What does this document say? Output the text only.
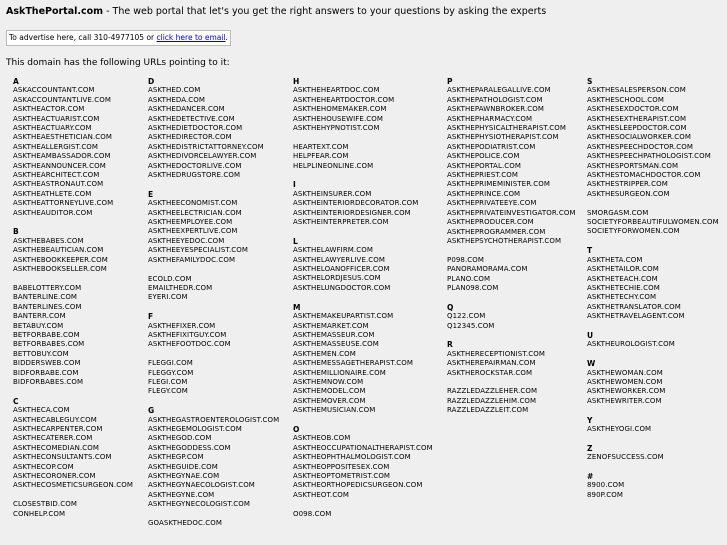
AskThePortal.com - The web portal that let's you get the right answers to your questions by asking the experts
To advertise here, call 310-4977105 or click here to email.
This domain has the following URLs pointing to it:
A
ASKACCOUNTANT.COM
ASKACCOUNTANTLIVE.COM
ASKTHEACTOR.COM
ASKTHEACTUARIST.COM
ASKTHEACTUARY.COM
ASKTHEAESTHETICIAN.COM
ASKTHEALLERGIST.COM
ASKTHEAMBASSADOR.COM
ASKTHEANNOUNCER.COM
ASKTHEARCHITECT.COM
ASKTHEASTRONAUT.COM
ASKTHEATHLETE.COM
ASKTHEATTORNEYLIVE.COM
ASKTHEAUDITOR.COM
B
ASKTHEBABES.COM
ASKTHEBEAUTICIAN.COM
ASKTHEBOOKKEEPER.COM
ASKTHEBOOKSELLER.COM
BABELOTTERY.COM
BANTERLINE.COM
BANTERLINES.COM
BANTERR.COM
BETABUY.COM
BETFORBABE.COM
BETFORBABES.COM
BETTOBUY.COM
BIDDERSWEB.COM
BIDFORBABE.COM
BIDFORBABES.COM
C
ASKTHECA.COM
ASKTHECABLEGUY.COM
ASKTHECARPENTER.COM
ASKTHECATERER.COM
ASKTHECOMEDIAN.COM
ASKTHECONSULTANTS.COM
ASKTHECOP.COM
ASKTHECORONER.COM
ASKTHECOSMETICSURGEON.COM
CLOSESTBID.COM
CONHELP.COM
D
ASKTHED.COM
ASKTHEDA.COM
ASKTHEDANCER.COM
ASKTHEDETECTIVE.COM
ASKTHEDIETDOCTOR.COM
ASKTHEDIRECTOR.COM
ASKTHEDISTRICTATTORNEY.COM
ASKTHEDIVORCELAWYER.COM
ASKTHEDOCTORLIVE.COM
ASKTHEDRUGSTORE.COM
E
ASKTHEECONOMIST.COM
ASKTHEELECTRICIAN.COM
ASKTHEEMPLOYEE.COM
ASKTHEEXPERTLIVE.COM
ASKTHEEYEDOC.COM
ASKTHEEYESPECIALIST.COM
ASKTHEFAMILYDOC.COM
ECOLD.COM
EMAILTHEDR.COM
EYERI.COM
F
ASKTHEFIXER.COM
ASKTHEFIXITGUY.COM
ASKTHEFOOTDOC.COM
FLEGGI.COM
FLEGGY.COM
FLEGI.COM
FLEGY.COM
G
ASKTHEGASTROENTEROLOGIST.COM
ASKTHEGEMOLOGIST.COM
ASKTHEGOD.COM
ASKTHEGODDESS.COM
ASKTHEGP.COM
ASKTHEGUIDE.COM
ASKTHEGYNAE.COM
ASKTHEGYNAECOLOGIST.COM
ASKTHEGYNE.COM
ASKTHEGYNECOLOGIST.COM
GOASKTHEDOC.COM
H
ASKTHEHEARTDOC.COM
ASKTHEHEARTDOCTOR.COM
ASKTHEHOMEMAKER.COM
ASKTHEHOUSEWIFE.COM
ASKTHEHYPNOTIST.COM
HEARTEXT.COM
HELPFEAR.COM
HELPLINEONLINE.COM
I
ASKTHEINSURER.COM
ASKTHEINTERIORDECORATOR.COM
ASKTHEINTERIORDESIGNER.COM
ASKTHEINTERPRETER.COM
L
ASKTHELAWFIRM.COM
ASKTHELAWYERLIVE.COM
ASKTHELOANOFFICER.COM
ASKTHELORDJESUS.COM
ASKTHELUNGDOCTOR.COM
M
ASKTHEMAKEUPARTIST.COM
ASKTHEMARKET.COM
ASKTHEMASSEUR.COM
ASKTHEMASSEUSE.COM
ASKTHEMEN.COM
ASKTHEMESSAGETHERAPIST.COM
ASKTHEMILLIONAIRE.COM
ASKTHEMNOW.COM
ASKTHEMODEL.COM
ASKTHEMOVER.COM
ASKTHEMUSICIAN.COM
O
ASKTHEOB.COM
ASKTHEOCCUPATIONALTHERAPIST.COM
ASKTHEOPHTHALMOLOGIST.COM
ASKTHEOPPOSITESEX.COM
ASKTHEOPTOMETRIST.COM
ASKTHEORTHOPEDICSURGEON.COM
ASKTHEOT.COM
O098.COM
P
ASKTHEPARALEGALLIVE.COM
ASKTHEPATHOLOGIST.COM
ASKTHEPAWNBROKER.COM
ASKTHEPHARMACY.COM
ASKTHEPHYSICALTHERAPIST.COM
ASKTHEPHYSIOTHERAPIST.COM
ASKTHEPODIATRIST.COM
ASKTHEPOLICE.COM
ASKTHEPORTAL.COM
ASKTHEPRIEST.COM
ASKTHEPRIMEMINISTER.COM
ASKTHEPRINCE.COM
ASKTHEPRIVATEEYE.COM
ASKTHEPRIVATEINVESTIGATOR.COM
ASKTHEPRODUCER.COM
ASKTHEPROGRAMMER.COM
ASKTHEPSYCHOTHERAPIST.COM
P098.COM
PANORAMORAMA.COM
PLANO.COM
PLAN098.COM
Q
Q122.COM
Q12345.COM
R
ASKTHERECEPTIONIST.COM
ASKTHEREPAIRMAN.COM
ASKTHEROCKSTAR.COM
RAZZLEDAZZLEHER.COM
RAZZLEDAZZLEHIM.COM
RAZZLEDAZZLEIT.COM
S
ASKTHESALESPERSON.COM
ASKTHESCHOOL.COM
ASKTHESEXDOCTOR.COM
ASKTHESEXTHERAPIST.COM
ASKTHESLEEPDOCTOR.COM
ASKTHESOCIALWORKER.COM
ASKTHESPEECHDOCTOR.COM
ASKTHESPEECHPATHOLOGIST.COM
ASKTHESPORTSMAN.COM
ASKTHESTOMACHDOCTOR.COM
ASKTHESTRIPPER.COM
ASKTHESURGEON.COM
SMORGASM.COM
SOCIETYFORBEAUTIFULWOMEN.COM
SOCIETYFORWOMEN.COM
T
ASKTHETA.COM
ASKTHETAILOR.COM
ASKTHETEACH.COM
ASKTHETECHIE.COM
ASKTHETECHY.COM
ASKTHETRANSLATOR.COM
ASKTHETRAVELAGENT.COM
U
ASKTHEUROLOGIST.COM
W
ASKTHEWOMAN.COM
ASKTHEWOMEN.COM
ASKTHEWORKER.COM
ASKTHEWRITER.COM
Y
ASKTHEYOGI.COM
Z
ZENOFSUCCESS.COM
#
8900.COM
890P.COM
